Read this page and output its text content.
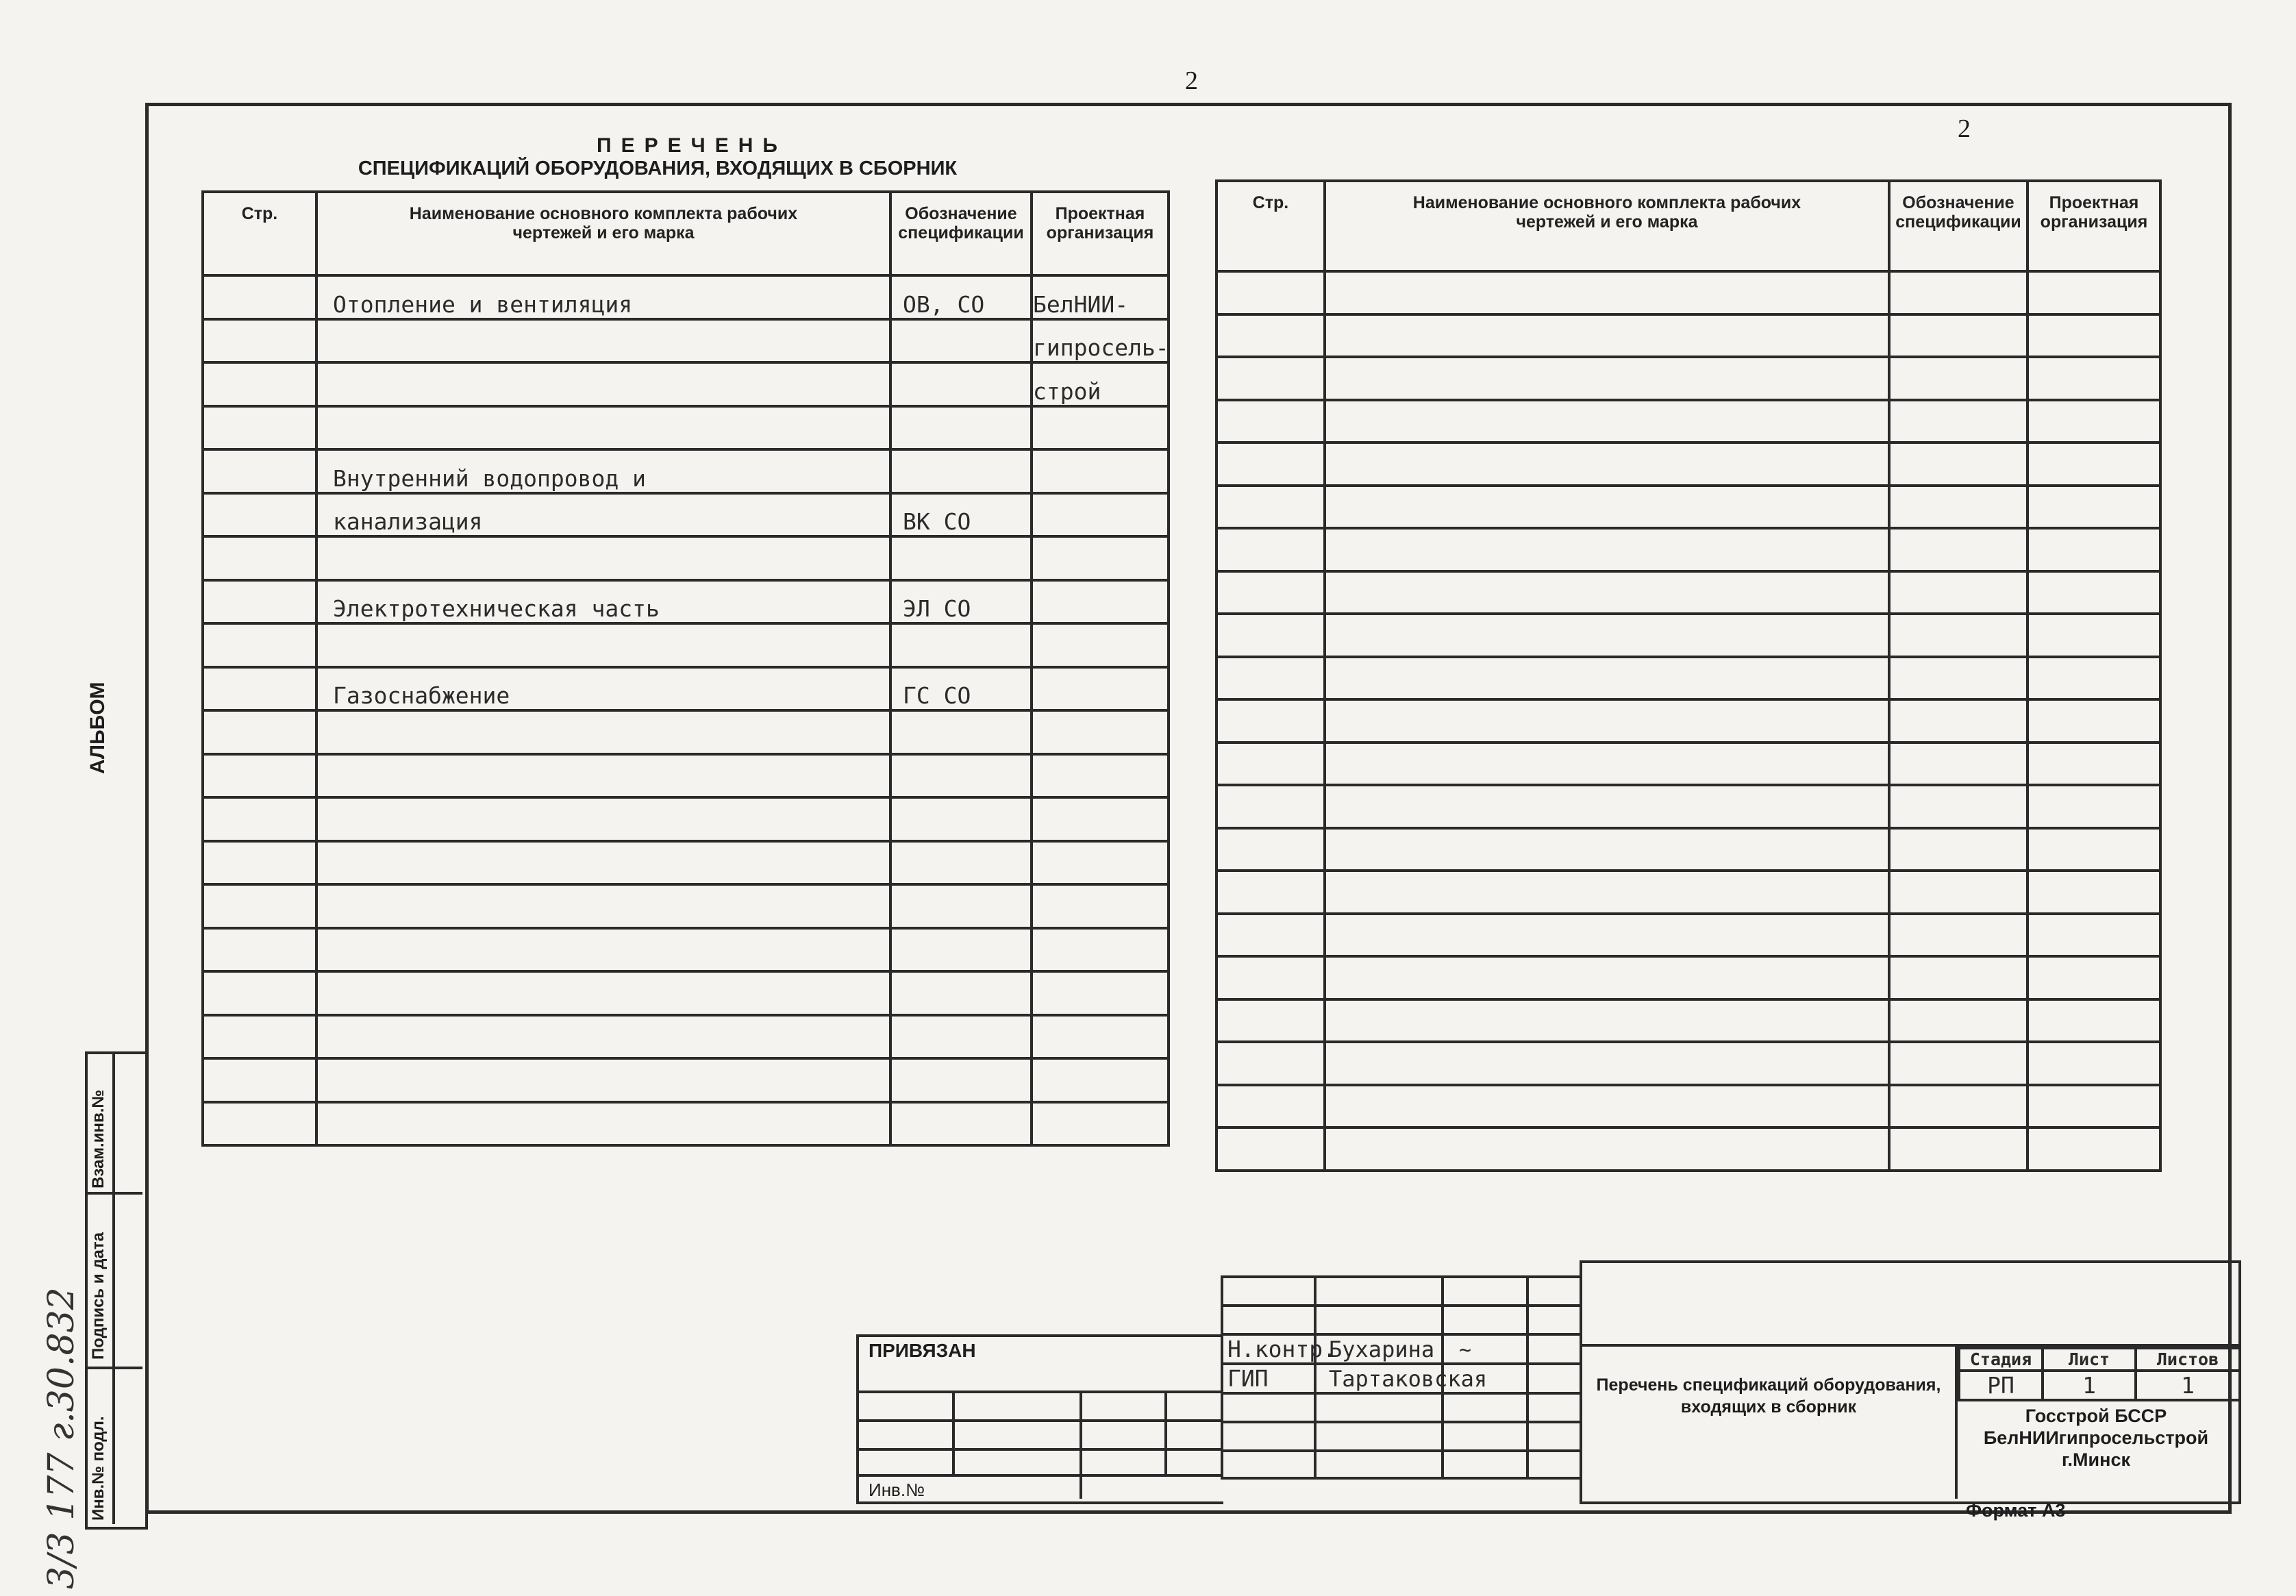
2
2
АЛЬБОМ
Взам.инв.№
Подпись и дата
Инв.№ подл.
3/3 177 г.30.832
ПЕРЕЧЕНЬ
СПЕЦИФИКАЦИЙ ОБОРУДОВАНИЯ, ВХОДЯЩИХ В СБОРНИК
Стр.	Наименование основного комплекта рабочих чертежей и его марка	Обозначение спецификации	Проектная организация
	Отопление и вентиляция	ОВ, СО	БелНИИ-
			гипросель-
			строй

	Внутренний водопровод и		
	канализация	ВК СО	

	Электротехническая часть	ЭЛ СО	

	Газоснабжение	ГС СО	

Стр.	Наименование основного комплекта рабочих чертежей и его марка	Обозначение спецификации	Проектная организация

Н.контр.	Бухарина	~	
ГИП	Тартаковская		

ПРИВЯЗАН
Инв.№
Перечень спецификаций оборудования, входящих в сборник
Стадия	Лист	Листов
РП	1	1
Госстрой БССР
БелНИИгипросельстрой
г.Минск
Формат А3
